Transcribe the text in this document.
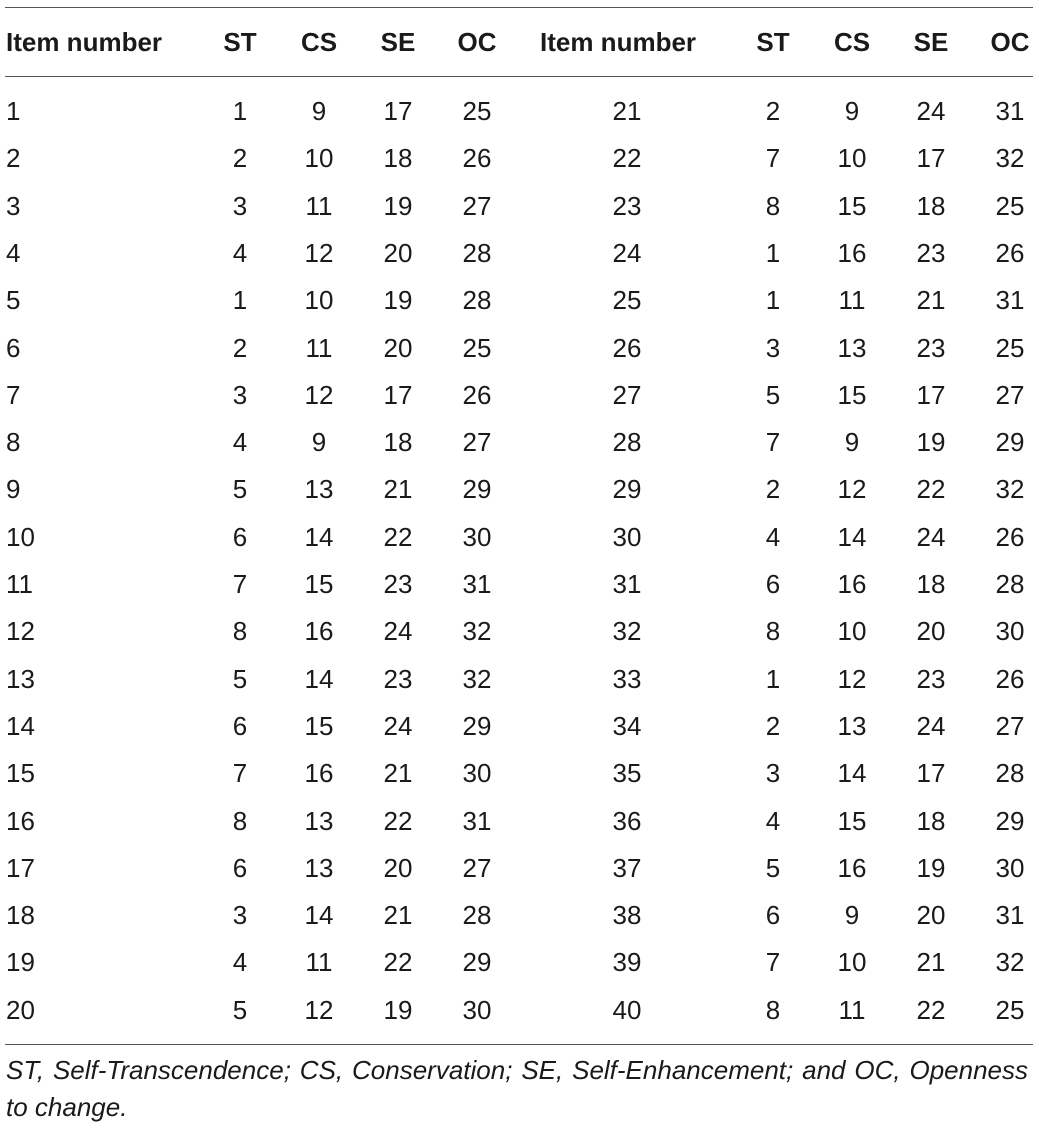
Item number	ST	CS	SE	OC	Item number	ST	CS	SE	OC
1	1	9	17	25	21	2	9	24	31
2	2	10	18	26	22	7	10	17	32
3	3	11	19	27	23	8	15	18	25
4	4	12	20	28	24	1	16	23	26
5	1	10	19	28	25	1	11	21	31
6	2	11	20	25	26	3	13	23	25
7	3	12	17	26	27	5	15	17	27
8	4	9	18	27	28	7	9	19	29
9	5	13	21	29	29	2	12	22	32
10	6	14	22	30	30	4	14	24	26
11	7	15	23	31	31	6	16	18	28
12	8	16	24	32	32	8	10	20	30
13	5	14	23	32	33	1	12	23	26
14	6	15	24	29	34	2	13	24	27
15	7	16	21	30	35	3	14	17	28
16	8	13	22	31	36	4	15	18	29
17	6	13	20	27	37	5	16	19	30
18	3	14	21	28	38	6	9	20	31
19	4	11	22	29	39	7	10	21	32
20	5	12	19	30	40	8	11	22	25
ST, Self-Transcendence; CS, Conservation; SE, Self-Enhancement; and OC, Openness to change.
